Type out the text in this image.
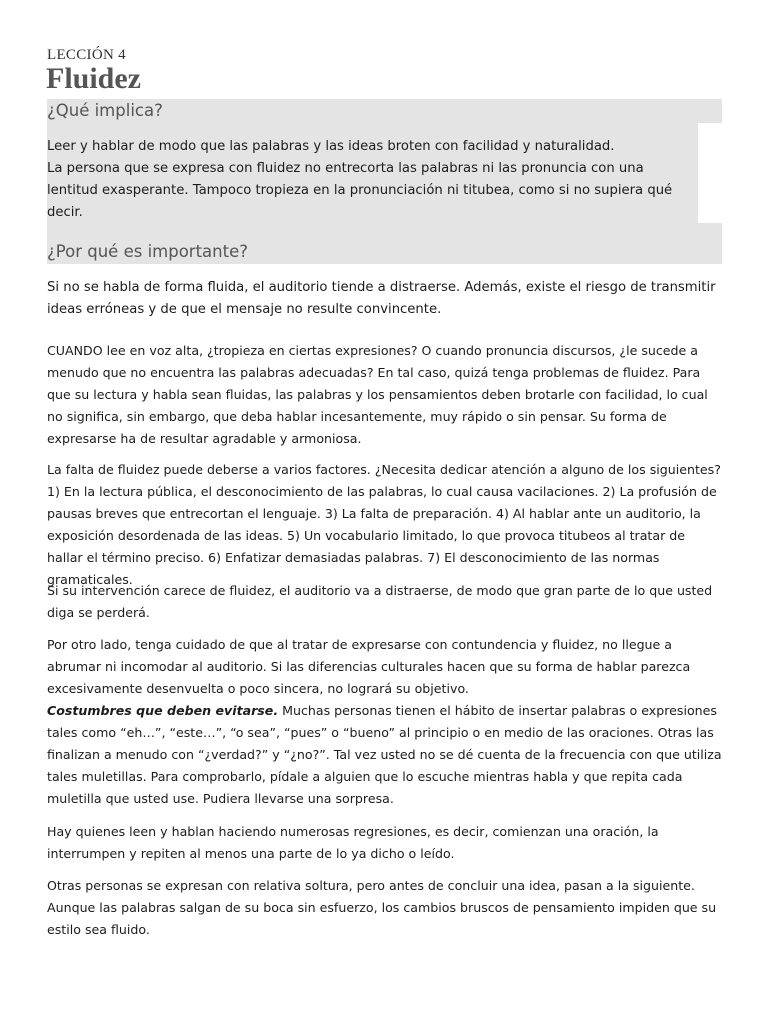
LECCIÓN 4
Fluidez
¿Qué implica?
Leer y hablar de modo que las palabras y las ideas broten con facilidad y naturalidad.
La persona que se expresa con fluidez no entrecorta las palabras ni las pronuncia con una lentitud exasperante. Tampoco tropieza en la pronunciación ni titubea, como si no supiera qué decir.
¿Por qué es importante?
Si no se habla de forma fluida, el auditorio tiende a distraerse. Además, existe el riesgo de transmitir ideas erróneas y de que el mensaje no resulte convincente.
CUANDO lee en voz alta, ¿tropieza en ciertas expresiones? O cuando pronuncia discursos, ¿le sucede a menudo que no encuentra las palabras adecuadas? En tal caso, quizá tenga problemas de fluidez. Para que su lectura y habla sean fluidas, las palabras y los pensamientos deben brotarle con facilidad, lo cual no significa, sin embargo, que deba hablar incesantemente, muy rápido o sin pensar. Su forma de expresarse ha de resultar agradable y armoniosa.
La falta de fluidez puede deberse a varios factores. ¿Necesita dedicar atención a alguno de los siguientes? 1) En la lectura pública, el desconocimiento de las palabras, lo cual causa vacilaciones. 2) La profusión de pausas breves que entrecortan el lenguaje. 3) La falta de preparación. 4) Al hablar ante un auditorio, la exposición desordenada de las ideas. 5) Un vocabulario limitado, lo que provoca titubeos al tratar de hallar el término preciso. 6) Enfatizar demasiadas palabras. 7) El desconocimiento de las normas gramaticales.
Si su intervención carece de fluidez, el auditorio va a distraerse, de modo que gran parte de lo que usted diga se perderá.
Por otro lado, tenga cuidado de que al tratar de expresarse con contundencia y fluidez, no llegue a abrumar ni incomodar al auditorio. Si las diferencias culturales hacen que su forma de hablar parezca excesivamente desenvuelta o poco sincera, no logrará su objetivo.
Costumbres que deben evitarse. Muchas personas tienen el hábito de insertar palabras o expresiones tales como “eh…”, “este…”, “o sea”, “pues” o “bueno” al principio o en medio de las oraciones. Otras las finalizan a menudo con “¿verdad?” y “¿no?”. Tal vez usted no se dé cuenta de la frecuencia con que utiliza tales muletillas. Para comprobarlo, pídale a alguien que lo escuche mientras habla y que repita cada muletilla que usted use. Pudiera llevarse una sorpresa.
Hay quienes leen y hablan haciendo numerosas regresiones, es decir, comienzan una oración, la interrumpen y repiten al menos una parte de lo ya dicho o leído.
Otras personas se expresan con relativa soltura, pero antes de concluir una idea, pasan a la siguiente. Aunque las palabras salgan de su boca sin esfuerzo, los cambios bruscos de pensamiento impiden que su estilo sea fluido.
